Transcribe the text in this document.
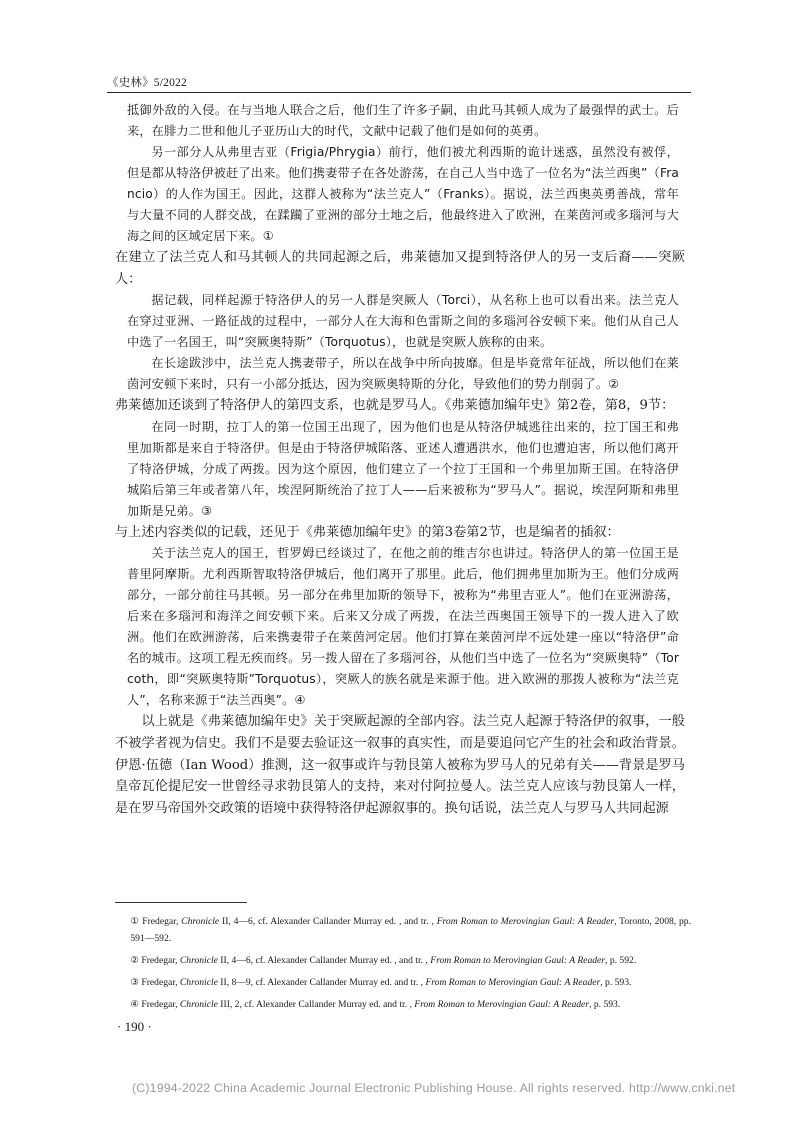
《史林》5/2022

抵御外敌的入侵。在与当地人联合之后，他们生了许多子嗣，由此马其顿人成为了最强悍的武士。后来，在腓力二世和他儿子亚历山大的时代，文献中记载了他们是如何的英勇。

另一部分人从弗里吉亚（Frigia/Phrygia）前行，他们被尤利西斯的诡计迷惑，虽然没有被俘，但是都从特洛伊被赶了出来。他们携妻带子在各处游荡，在自己人当中选了一位名为“法兰西奥”（Francio）的人作为国王。因此，这群人被称为“法兰克人”（Franks）。据说，法兰西奥英勇善战，常年与大量不同的人群交战，在蹂躏了亚洲的部分土地之后，他最终进入了欧洲，在莱茵河或多瑙河与大海之间的区域定居下来。①

在建立了法兰克人和马其顿人的共同起源之后，弗莱德加又提到特洛伊人的另一支后裔——突厥人：

据记载，同样起源于特洛伊人的另一人群是突厥人（Torci），从名称上也可以看出来。法兰克人在穿过亚洲、一路征战的过程中，一部分人在大海和色雷斯之间的多瑙河谷安顿下来。他们从自己人中选了一名国王，叫“突厥奥特斯”（Torquotus），也就是突厥人族称的由来。

在长途跋涉中，法兰克人携妻带子，所以在战争中所向披靡。但是毕竟常年征战，所以他们在莱茵河安顿下来时，只有一小部分抵达，因为突厥奥特斯的分化，导致他们的势力削弱了。②

弗莱德加还谈到了特洛伊人的第四支系，也就是罗马人。《弗莱德加编年史》第2卷，第8，9节：

在同一时期，拉丁人的第一位国王出现了，因为他们也是从特洛伊城逃往出来的，拉丁国王和弗里加斯都是来自于特洛伊。但是由于特洛伊城陷落、亚述人遭遇洪水，他们也遭迫害，所以他们离开了特洛伊城，分成了两拨。因为这个原因，他们建立了一个拉丁王国和一个弗里加斯王国。在特洛伊城陷后第三年或者第八年，埃涅阿斯统治了拉丁人——后来被称为“罗马人”。据说，埃涅阿斯和弗里加斯是兄弟。③

与上述内容类似的记载，还见于《弗莱德加编年史》的第3卷第2节，也是编者的插叙：

关于法兰克人的国王，哲罗姆已经谈过了，在他之前的维吉尔也讲过。特洛伊人的第一位国王是普里阿摩斯。尤利西斯智取特洛伊城后，他们离开了那里。此后，他们拥弗里加斯为王。他们分成两部分，一部分前往马其顿。另一部分在弗里加斯的领导下，被称为“弗里吉亚人”。他们在亚洲游荡，后来在多瑙河和海洋之间安顿下来。后来又分成了两拨，在法兰西奥国王领导下的一拨人进入了欧洲。他们在欧洲游荡，后来携妻带子在莱茵河定居。他们打算在莱茵河岸不远处建一座以“特洛伊”命名的城市。这项工程无疾而终。另一拨人留在了多瑙河谷，从他们当中选了一位名为“突厥奥特”（Torcoth，即“突厥奥特斯”Torquotus），突厥人的族名就是来源于他。进入欧洲的那拨人被称为“法兰克人”，名称来源于“法兰西奥”。④

以上就是《弗莱德加编年史》关于突厥起源的全部内容。法兰克人起源于特洛伊的叙事，一般不被学者视为信史。我们不是要去验证这一叙事的真实性，而是要追问它产生的社会和政治背景。伊恩·伍德（Ian Wood）推测，这一叙事或许与勃艮第人被称为罗马人的兄弟有关——背景是罗马皇帝瓦伦提尼安一世曾经寻求勃艮第人的支持，来对付阿拉曼人。法兰克人应该与勃艮第人一样，是在罗马帝国外交政策的语境中获得特洛伊起源叙事的。换句话说，法兰克人与罗马人共同起源

① Fredegar, Chronicle II, 4—6, cf. Alexander Callander Murray ed. , and tr. , From Roman to Merovingian Gaul: A Reader, Toronto, 2008, pp. 591—592.

② Fredegar, Chronicle II, 4—6, cf. Alexander Callander Murray ed. , and tr. , From Roman to Merovingian Gaul: A Reader, p. 592.

③ Fredegar, Chronicle II, 8—9, cf. Alexander Callander Murray ed. and tr. , From Roman to Merovingian Gaul: A Reader, p. 593.

④ Fredegar, Chronicle III, 2, cf. Alexander Callander Murray ed. and tr. , From Roman to Merovingian Gaul: A Reader, p. 593.

· 190 ·
(C)1994-2022 China Academic Journal Electronic Publishing House. All rights reserved. http://www.cnki.net
